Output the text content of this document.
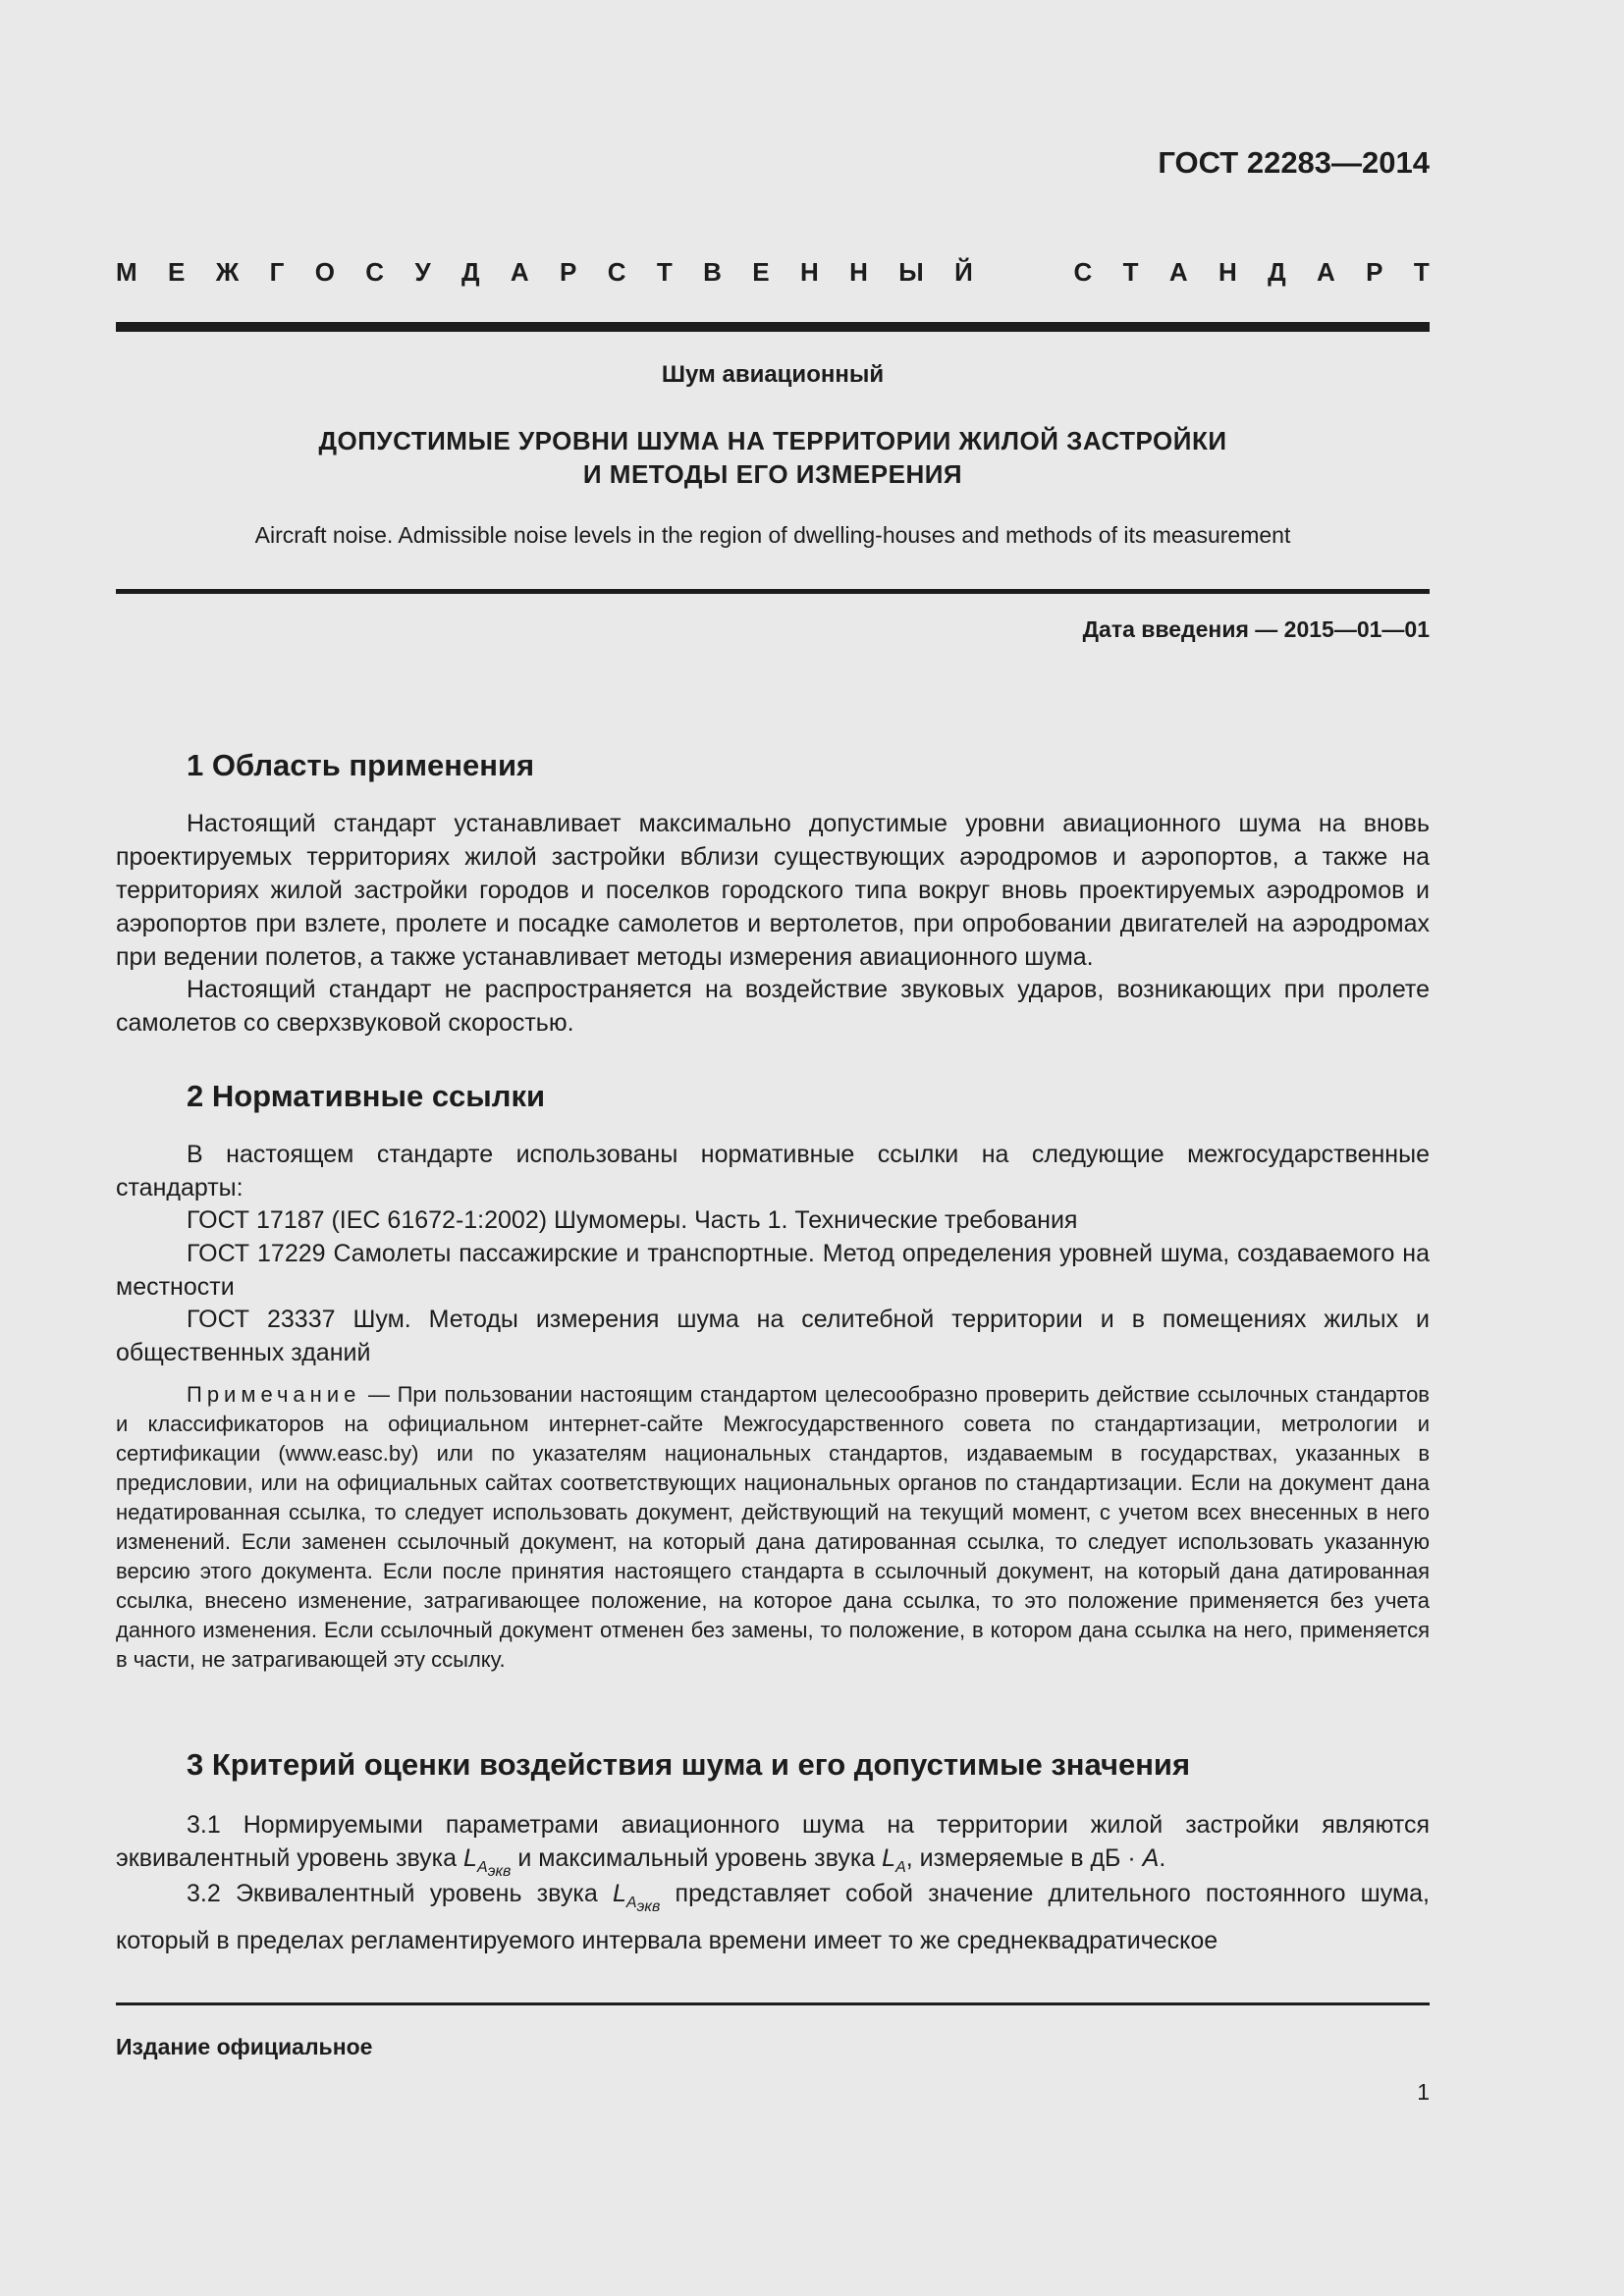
ГОСТ 22283—2014
М Е Ж Г О С У Д А Р С Т В Е Н Н Ы Й	С Т А Н Д А Р Т
Шум авиационный
ДОПУСТИМЫЕ УРОВНИ ШУМА НА ТЕРРИТОРИИ ЖИЛОЙ ЗАСТРОЙКИ
И МЕТОДЫ ЕГО ИЗМЕРЕНИЯ
Aircraft noise. Admissible noise levels in the region of dwelling-houses and methods of its measurement
Дата введения — 2015—01—01
1 Область применения

Настоящий стандарт устанавливает максимально допустимые уровни авиационного шума на вновь проектируемых территориях жилой застройки вблизи существующих аэродромов и аэропортов, а также на территориях жилой застройки городов и поселков городского типа вокруг вновь проектируемых аэродромов и аэропортов при взлете, пролете и посадке самолетов и вертолетов, при опробовании двигателей на аэродромах при ведении полетов, а также устанавливает методы измерения авиационного шума.

Настоящий стандарт не распространяется на воздействие звуковых ударов, возникающих при пролете самолетов со сверхзвуковой скоростью.

2 Нормативные ссылки

В настоящем стандарте использованы нормативные ссылки на следующие межгосударственные стандарты:

ГОСТ 17187 (IEC 61672-1:2002) Шумомеры. Часть 1. Технические требования

ГОСТ 17229 Самолеты пассажирские и транспортные. Метод определения уровней шума, создаваемого на местности

ГОСТ 23337 Шум. Методы измерения шума на селитебной территории и в помещениях жилых и общественных зданий

Примечание — При пользовании настоящим стандартом целесообразно проверить действие ссылочных стандартов и классификаторов на официальном интернет-сайте Межгосударственного совета по стандартизации, метрологии и сертификации (www.easc.by) или по указателям национальных стандартов, издаваемым в государствах, указанных в предисловии, или на официальных сайтах соответствующих национальных органов по стандартизации. Если на документ дана недатированная ссылка, то следует использовать документ, действующий на текущий момент, с учетом всех внесенных в него изменений. Если заменен ссылочный документ, на который дана датированная ссылка, то следует использовать указанную версию этого документа. Если после принятия настоящего стандарта в ссылочный документ, на который дана датированная ссылка, внесено изменение, затрагивающее положение, на которое дана ссылка, то это положение применяется без учета данного изменения. Если ссылочный документ отменен без замены, то положение, в котором дана ссылка на него, применяется в части, не затрагивающей эту ссылку.

3 Критерий оценки воздействия шума и его допустимые значения

3.1 Нормируемыми параметрами авиационного шума на территории жилой застройки являются эквивалентный уровень звука $L_{A_{экв}}$ и максимальный уровень звука $L_A$, измеряемые в дБ · A.

3.2 Эквивалентный уровень звука $L_{A_{экв}}$ представляет собой значение длительного постоянного шума, который в пределах регламентируемого интервала времени имеет то же среднеквадратическое

Издание официальное
1
